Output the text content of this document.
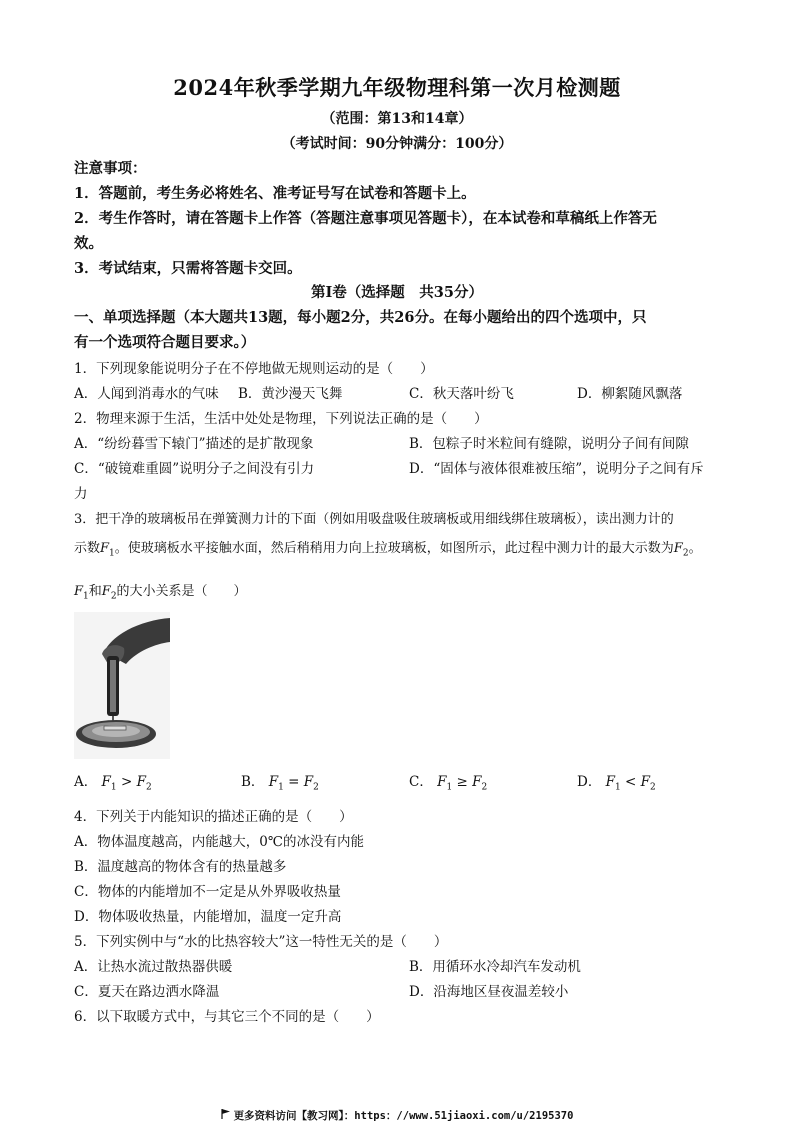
2024年秋季学期九年级物理科第一次月检测题
（范围：第13和14章）
（考试时间：90分钟满分：100分）
注意事项：
1．答题前，考生务必将姓名、准考证号写在试卷和答题卡上。
2．考生作答时，请在答题卡上作答（答题注意事项见答题卡），在本试卷和草稿纸上作答无
效。
3．考试结束，只需将答题卡交回。
第Ⅰ卷（选择题　共35分）
一、单项选择题（本大题共13题，每小题2分，共26分。在每小题给出的四个选项中，只
有一个选项符合题目要求。）
1．下列现象能说明分子在不停地做无规则运动的是（　　）
A．人闻到消毒水的气味 B．黄沙漫天飞舞	C．秋天落叶纷飞	D．柳絮随风飘落
2．物理来源于生活，生活中处处是物理，下列说法正确的是（　　）
A．“纷纷暮雪下辕门”描述的是扩散现象	B．包粽子时米粒间有缝隙，说明分子间有间隙
C．“破镜难重圆”说明分子之间没有引力	D．“固体与液体很难被压缩”，说明分子之间有斥
力
3．把干净的玻璃板吊在弹簧测力计的下面（例如用吸盘吸住玻璃板或用细线绑住玻璃板），读出测力计的
示数$F_1$。使玻璃板水平接触水面，然后稍稍用力向上拉玻璃板，如图所示，此过程中测力计的最大示数为$F_2$。
$F_1$和$F_2$的大小关系是（　　）
A． $F_1 > F_2$	B． $F_1 = F_2$	C． $F_1 \ge F_2$	D． $F_1 < F_2$
4．下列关于内能知识的描述正确的是（　　）
A．物体温度越高，内能越大，0℃的冰没有内能
B．温度越高的物体含有的热量越多
C．物体的内能增加不一定是从外界吸收热量
D．物体吸收热量，内能增加，温度一定升高
5．下列实例中与“水的比热容较大”这一特性无关的是（　　）
A．让热水流过散热器供暖	B．用循环水冷却汽车发动机
C．夏天在路边洒水降温	D．沿海地区昼夜温差较小
6．以下取暖方式中，与其它三个不同的是（　　）
更多资料访问【教习网】：https：//www.51jiaoxi.com/u/2195370
